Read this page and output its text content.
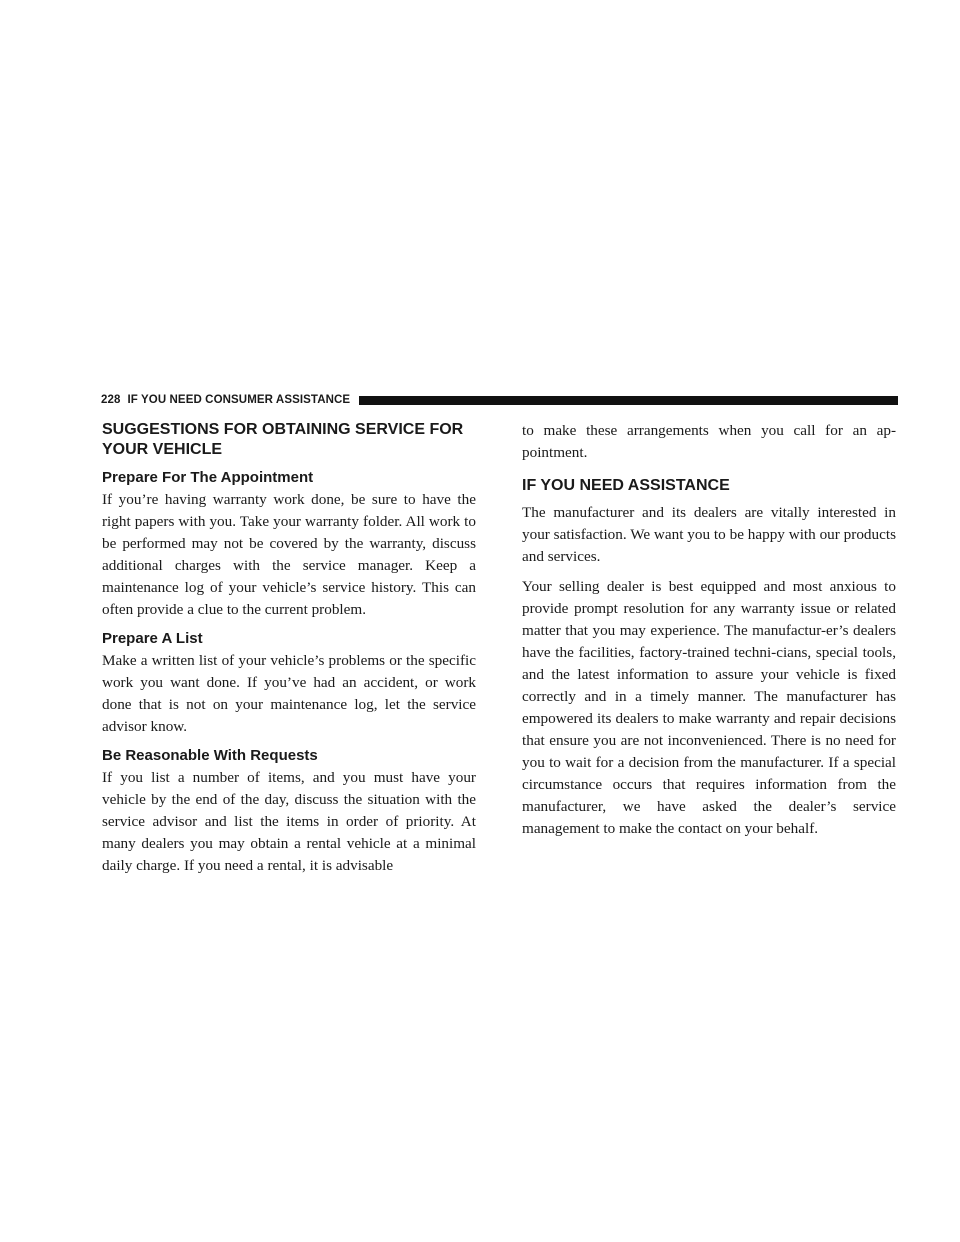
228 IF YOU NEED CONSUMER ASSISTANCE
SUGGESTIONS FOR OBTAINING SERVICE FOR YOUR VEHICLE
Prepare For The Appointment

If you’re having warranty work done, be sure to have the right papers with you. Take your warranty folder. All work to be performed may not be covered by the warranty, discuss additional charges with the service manager. Keep a maintenance log of your vehicle’s service history. This can often provide a clue to the current problem.

Prepare A List

Make a written list of your vehicle’s problems or the specific work you want done. If you’ve had an accident, or work done that is not on your maintenance log, let the service advisor know.

Be Reasonable With Requests

If you list a number of items, and you must have your vehicle by the end of the day, discuss the situation with the service advisor and list the items in order of priority. At many dealers you may obtain a rental vehicle at a minimal daily charge. If you need a rental, it is advisable

to make these arrangements when you call for an ap-pointment.

IF YOU NEED ASSISTANCE

The manufacturer and its dealers are vitally interested in your satisfaction. We want you to be happy with our products and services.

Your selling dealer is best equipped and most anxious to provide prompt resolution for any warranty issue or related matter that you may experience. The manufactur-er’s dealers have the facilities, factory-trained techni-cians, special tools, and the latest information to assure your vehicle is fixed correctly and in a timely manner. The manufacturer has empowered its dealers to make warranty and repair decisions that ensure you are not inconvenienced. There is no need for you to wait for a decision from the manufacturer. If a special circumstance occurs that requires information from the manufacturer, we have asked the dealer’s service management to make the contact on your behalf.
